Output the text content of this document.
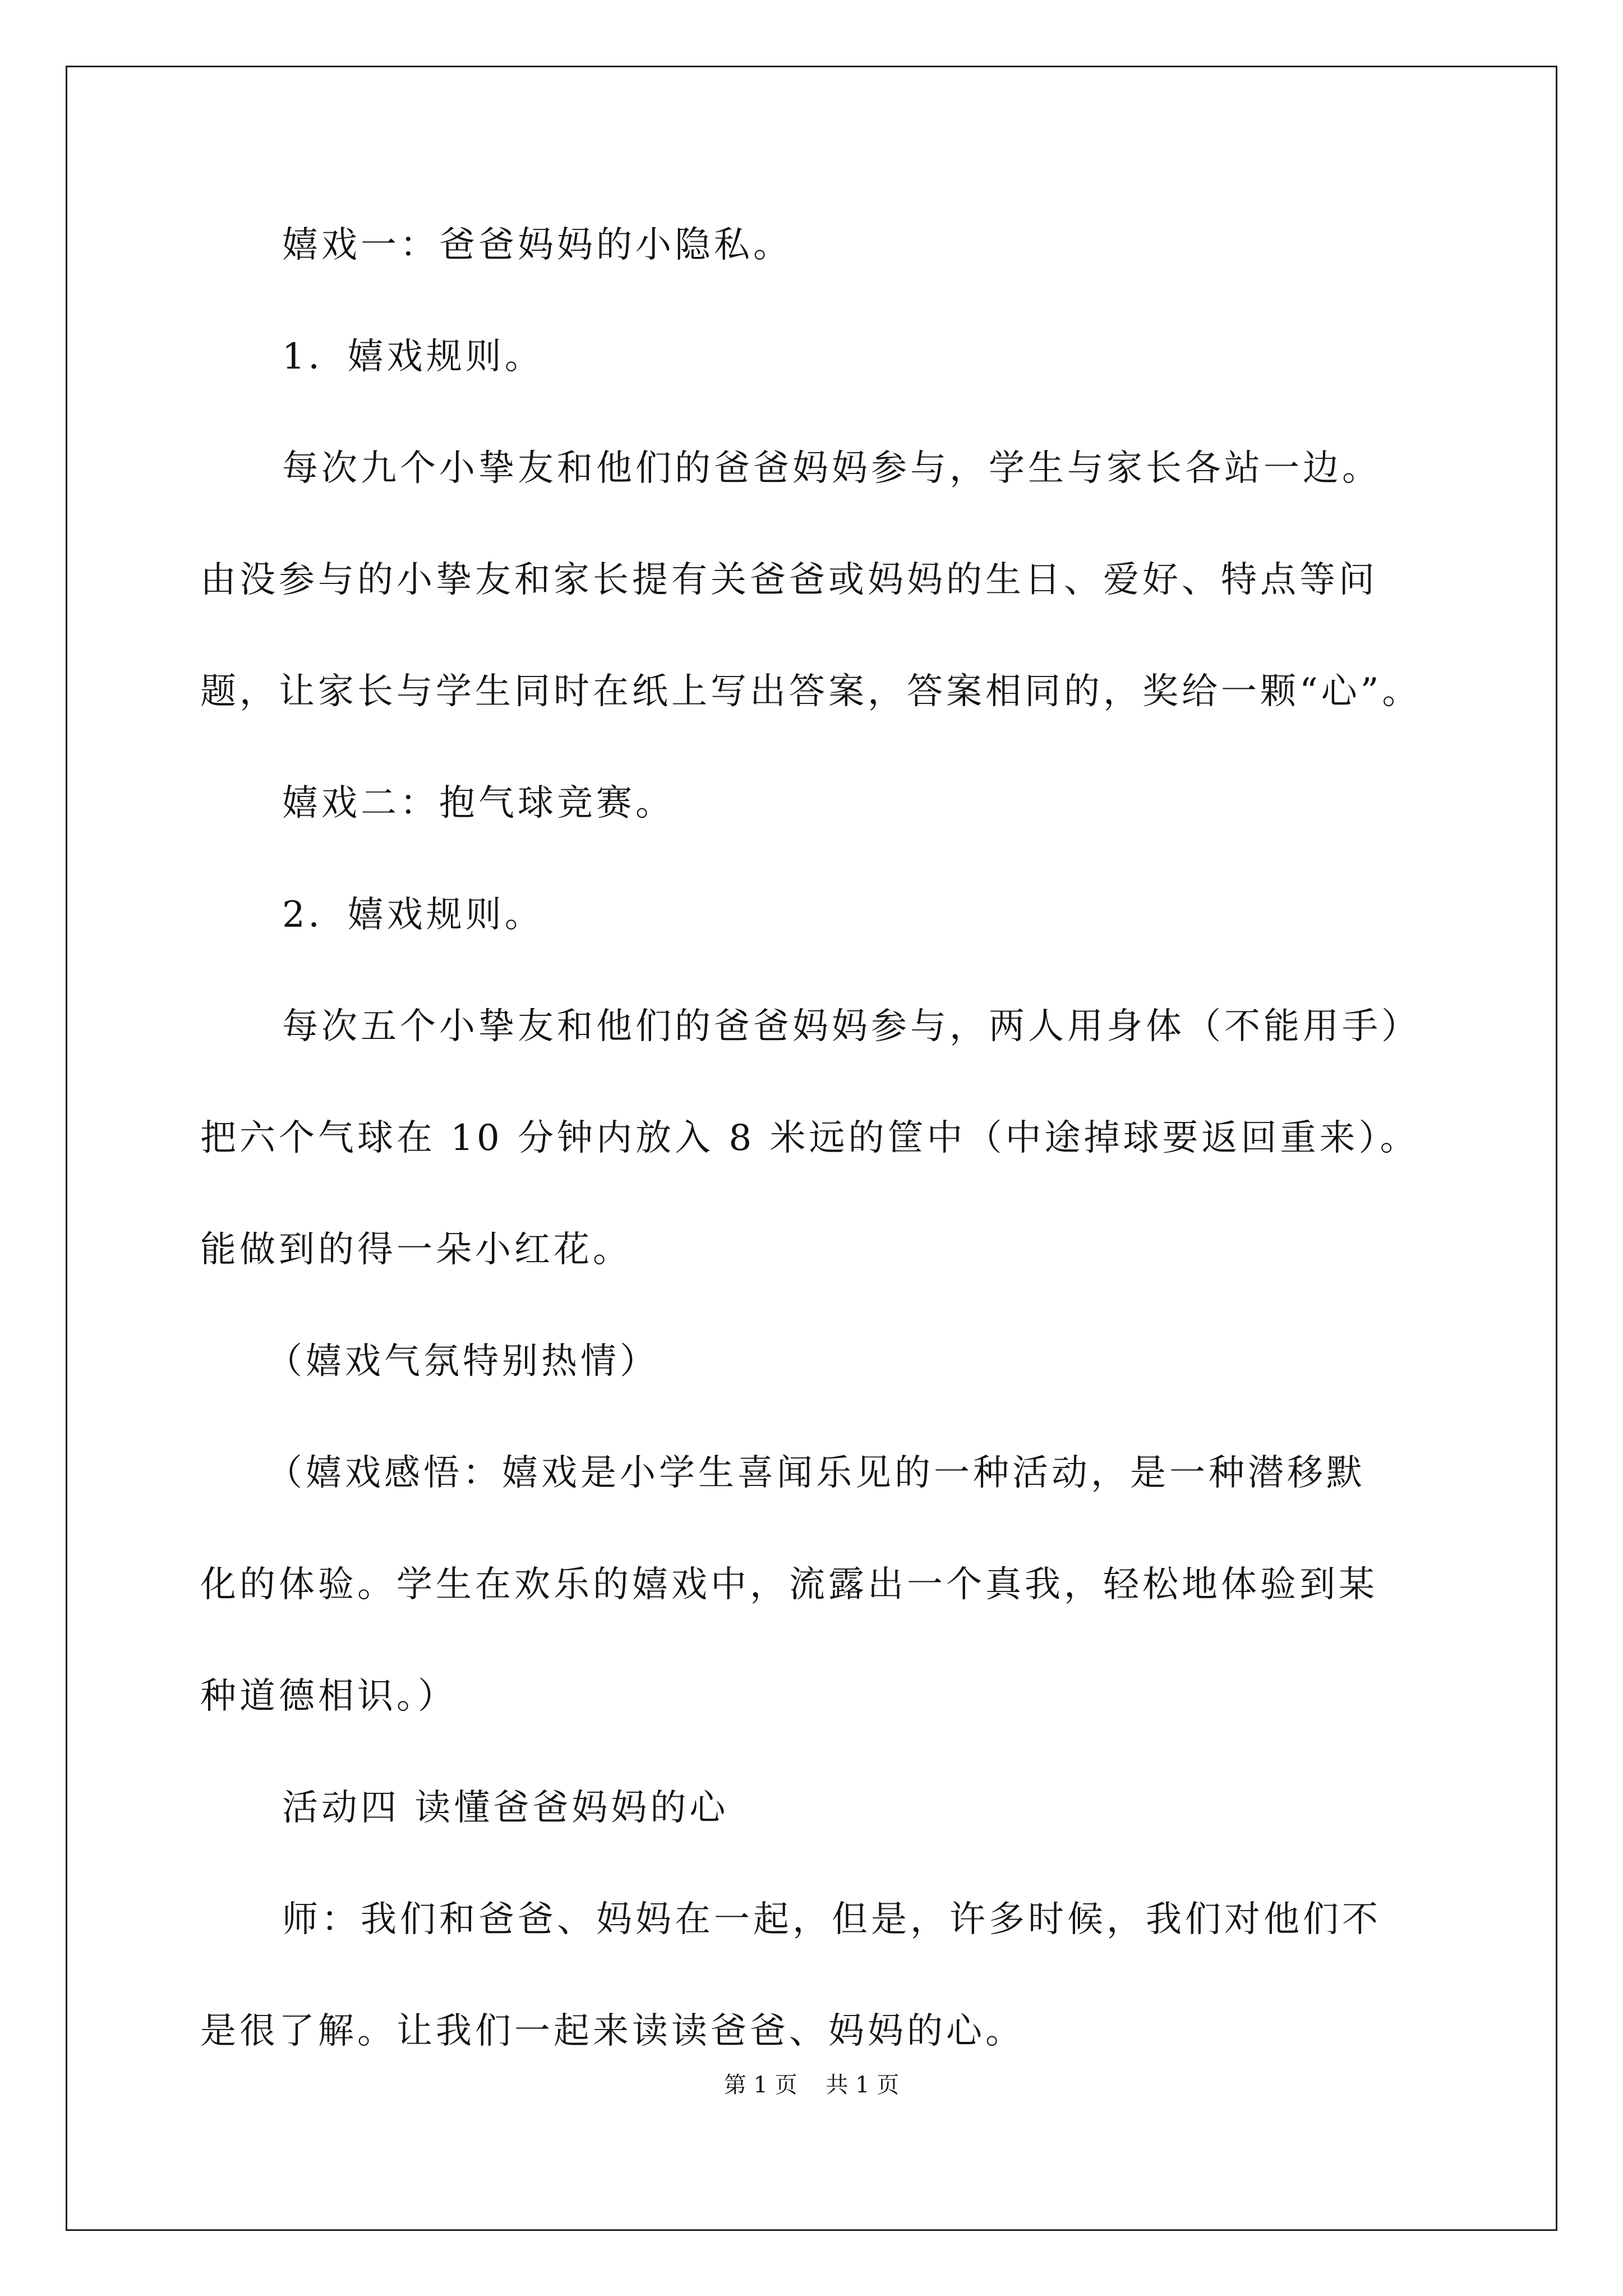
嬉戏一：爸爸妈妈的小隐私。
1．嬉戏规则。
每次九个小挚友和他们的爸爸妈妈参与，学生与家长各站一边。
由没参与的小挚友和家长提有关爸爸或妈妈的生日、爱好、特点等问
题，让家长与学生同时在纸上写出答案，答案相同的，奖给一颗“心”。
嬉戏二：抱气球竞赛。
2．嬉戏规则。
每次五个小挚友和他们的爸爸妈妈参与，两人用身体（不能用手）
把六个气球在 10 分钟内放入 8 米远的筐中（中途掉球要返回重来）。
能做到的得一朵小红花。
（嬉戏气氛特别热情）
（嬉戏感悟：嬉戏是小学生喜闻乐见的一种活动，是一种潜移默
化的体验。学生在欢乐的嬉戏中，流露出一个真我，轻松地体验到某
种道德相识。）
活动四 读懂爸爸妈妈的心
师：我们和爸爸、妈妈在一起，但是，许多时候，我们对他们不
是很了解。让我们一起来读读爸爸、妈妈的心。
第 1 页    共 1 页
